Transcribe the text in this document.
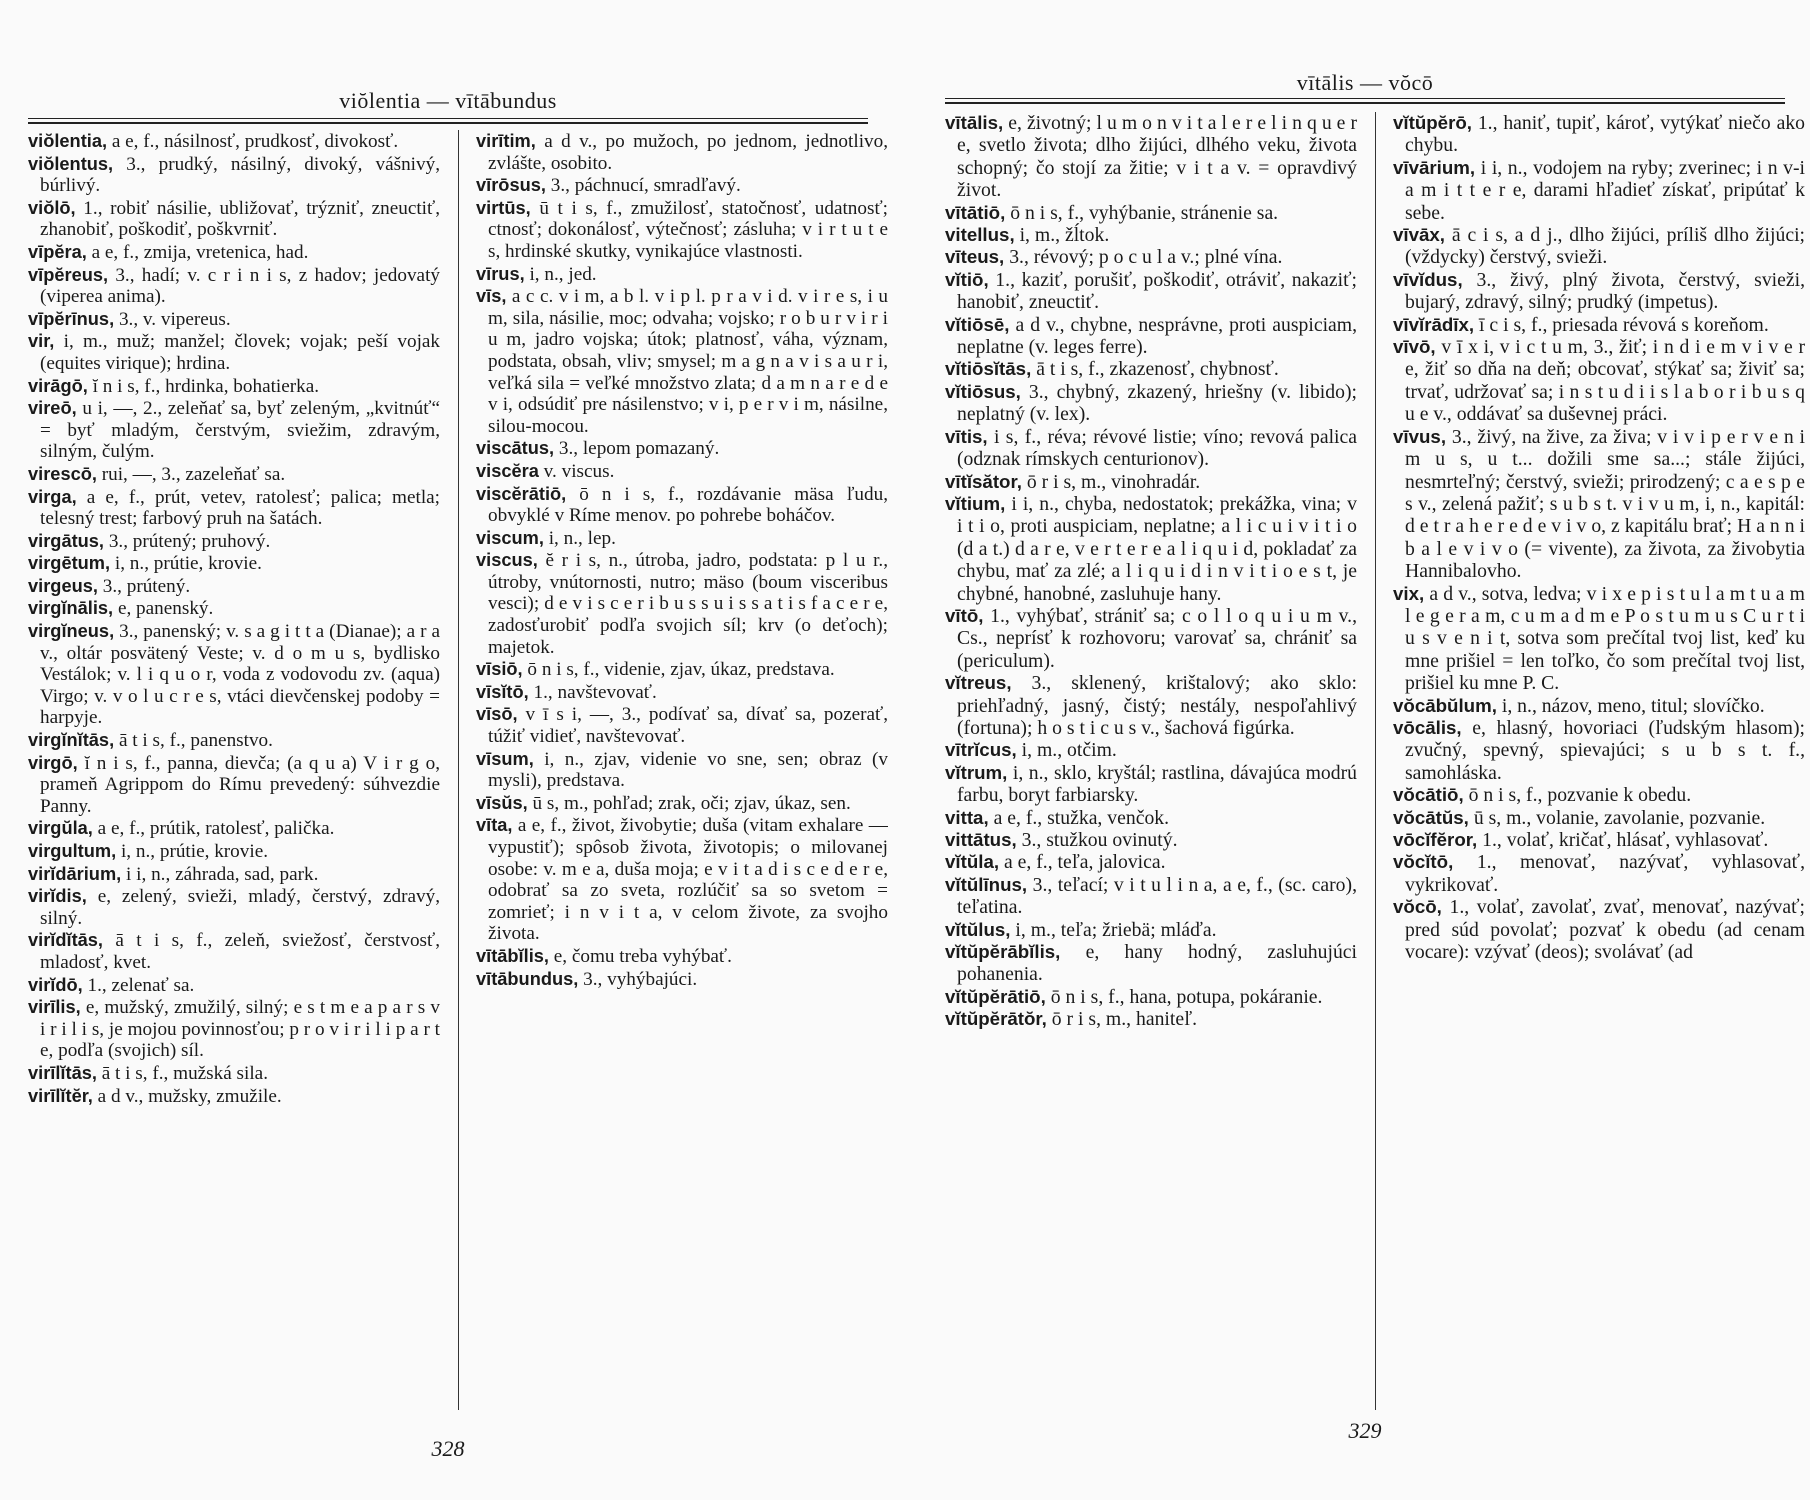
viŏlentia — vītābundus

viŏlentia, a e, f., násilnosť, prudkosť, divokosť.

viŏlentus, 3., prudký, násilný, divoký, vášnivý, búrlivý.

viŏlō, 1., robiť násilie, ubližovať, trýzniť, zneuctiť, zhanobiť, poškodiť, poškvrniť.

vīpĕra, a e, f., zmija, vretenica, had.

vīpĕreus, 3., hadí; v. c r i n i s, z hadov; jedovatý (viperea anima).

vīpĕrīnus, 3., v. vipereus.

vir, i, m., muž; manžel; človek; vojak; peší vojak (equites virique); hrdina.

virāgō, ĭ n i s, f., hrdinka, bohatierka.

vireō, u i, —, 2., zeleňať sa, byť zeleným, „kvitnúť“ = byť mladým, čerstvým, sviežim, zdravým, silným, čulým.

virescō, rui, —, 3., zazeleňať sa.

virga, a e, f., prút, vetev, ratolesť; palica; metla; telesný trest; farbový pruh na šatách.

virgātus, 3., prútený; pruhový.

virgētum, i, n., prútie, krovie.

virgeus, 3., prútený.

virgĭnālis, e, panenský.

virgĭneus, 3., panenský; v. s a g i t t a (Dianae); a r a v., oltár posvätený Veste; v. d o m u s, bydlisko Vestálok; v. l i q u o r, voda z vodovodu zv. (aqua) Virgo; v. v o l u c r e s, vtáci dievčenskej podoby = harpyje.

virgĭnĭtās, ā t i s, f., panenstvo.

virgō, ĭ n i s, f., panna, dievča; (a q u a) V i r g o, prameň Agrippom do Rímu prevedený: súhvezdie Panny.

virgŭla, a e, f., prútik, ratolesť, palička.

virgultum, i, n., prútie, krovie.

virĭdārium, i i, n., záhrada, sad, park.

virĭdis, e, zelený, svieži, mladý, čerstvý, zdravý, silný.

virĭdĭtās, ā t i s, f., zeleň, sviežosť, čerstvosť, mladosť, kvet.

virĭdō, 1., zelenať sa.

virīlis, e, mužský, zmužilý, silný; e s t m e a p a r s v i r i l i s, je mojou povinnosťou; p r o v i r i l i p a r t e, podľa (svojich) síl.

virīlĭtās, ā t i s, f., mužská sila.

virīlĭtĕr, a d v., mužsky, zmužile.

virītim, a d v., po mužoch, po jednom, jednotlivo, zvlášte, osobito.

vīrōsus, 3., páchnucí, smradľavý.

virtūs, ū t i s, f., zmužilosť, statočnosť, udatnosť; ctnosť; dokonálosť, výtečnosť; zásluha; v i r t u t e s, hrdinské skutky, vynikajúce vlastnosti.

vīrus, i, n., jed.

vīs, a c c. v i m, a b l. v i p l. p r a v i d. v i r e s, i u m, sila, násilie, moc; odvaha; vojsko; r o b u r v i r i u m, jadro vojska; útok; platnosť, váha, význam, podstata, obsah, vliv; smysel; m a g n a v i s a u r i, veľká sila = veľké množstvo zlata; d a m n a r e d e v i, odsúdiť pre násilenstvo; v i, p e r v i m, násilne, silou-mocou.

viscātus, 3., lepom pomazaný.

viscĕra v. viscus.

viscĕrātiō, ō n i s, f., rozdávanie mäsa ľudu, obvyklé v Ríme menov. po pohrebe boháčov.

viscum, i, n., lep.

viscus, ĕ r i s, n., útroba, jadro, podstata: p l u r., útroby, vnútornosti, nutro; mäso (boum visceribus vesci); d e v i s c e r i b u s s u i s s a t i s f a c e r e, zadosťurobiť podľa svojich síl; krv (o deťoch); majetok.

vīsiō, ō n i s, f., videnie, zjav, úkaz, predstava.

vīsĭtō, 1., navštevovať.

vīsō, v ī s i, —, 3., podívať sa, dívať sa, pozerať, túžiť vidieť, navštevovať.

vīsum, i, n., zjav, videnie vo sne, sen; obraz (v mysli), predstava.

vīsŭs, ū s, m., pohľad; zrak, oči; zjav, úkaz, sen.

vīta, a e, f., život, živobytie; duša (vitam exhalare — vypustiť); spôsob života, životopis; o milovanej osobe: v. m e a, duša moja; e v i t a d i s c e d e r e, odobrať sa zo sveta, rozlúčiť sa so svetom = zomrieť; i n v i t a, v celom živote, za svojho života.

vītābĭlis, e, čomu treba vyhýbať.

vītābundus, 3., vyhýbajúci.

328
vītālis — vŏcō

vītālis, e, životný; l u m o n v i t a l e r e l i n q u e r e, svetlo života; dlho žijúci, dlhého veku, života schopný; čo stojí za žitie; v i t a v. = opravdivý život.

vītātiō, ō n i s, f., vyhýbanie, stránenie sa.

vitellus, i, m., žĺtok.

vīteus, 3., révový; p o c u l a v.; plné vína.

vĭtiō, 1., kaziť, porušiť, poškodiť, otráviť, nakaziť; hanobiť, zneuctiť.

vĭtiōsē, a d v., chybne, nesprávne, proti auspiciam, neplatne (v. leges ferre).

vĭtiōsĭtās, ā t i s, f., zkazenosť, chybnosť.

vĭtiōsus, 3., chybný, zkazený, hriešny (v. libido); neplatný (v. lex).

vītis, i s, f., réva; révové listie; víno; revová palica (odznak rímskych centurionov).

vītĭsător, ō r i s, m., vinohradár.

vĭtium, i i, n., chyba, nedostatok; prekážka, vina; v i t i o, proti auspiciam, neplatne; a l i c u i v i t i o (d a t.) d a r e, v e r t e r e a l i q u i d, pokladať za chybu, mať za zlé; a l i q u i d i n v i t i o e s t, je chybné, hanobné, zasluhuje hany.

vītō, 1., vyhýbať, strániť sa; c o l l o q u i u m v., Cs., neprísť k rozhovoru; varovať sa, chrániť sa (periculum).

vĭtreus, 3., sklenený, krištalový; ako sklo: priehľadný, jasný, čistý; nestály, nespoľahlivý (fortuna); h o s t i c u s v., šachová figúrka.

vītrĭcus, i, m., otčim.

vĭtrum, i, n., sklo, kryštál; rastlina, dávajúca modrú farbu, boryt farbiarsky.

vitta, a e, f., stužka, venčok.

vittātus, 3., stužkou ovinutý.

vĭtŭla, a e, f., teľa, jalovica.

vĭtŭlīnus, 3., teľací; v i t u l i n a, a e, f., (sc. caro), teľatina.

vĭtŭlus, i, m., teľa; žriebä; mláďa.

vĭtŭpĕrābĭlis, e, hany hodný, zasluhujúci pohanenia.

vĭtŭpĕrātiō, ō n i s, f., hana, potupa, pokáranie.

vĭtŭpĕrātŏr, ō r i s, m., haniteľ.

vĭtŭpĕrō, 1., haniť, tupiť, károť, vytýkať niečo ako chybu.

vīvārium, i i, n., vodojem na ryby; zverinec; i n v-i a m i t t e r e, darami hľadieť získať, pripútať k sebe.

vīvāx, ā c i s, a d j., dlho žijúci, príliš dlho žijúci; (vždycky) čerstvý, svieži.

vīvĭdus, 3., živý, plný života, čerstvý, svieži, bujarý, zdravý, silný; prudký (impetus).

vīvĭrādīx, ī c i s, f., priesada révová s koreňom.

vīvō, v ī x i, v i c t u m, 3., žiť; i n d i e m v i v e r e, žiť so dňa na deň; obcovať, stýkať sa; živiť sa; trvať, udržovať sa; i n s t u d i i s l a b o r i b u s q u e v., oddávať sa duševnej práci.

vīvus, 3., živý, na žive, za živa; v i v i p e r v e n i m u s, u t... dožili sme sa...; stále žijúci, nesmrteľný; čerstvý, svieži; prirodzený; c a e s p e s v., zelená pažiť; s u b s t. v i v u m, i, n., kapitál: d e t r a h e r e d e v i v o, z kapitálu brať; H a n n i b a l e v i v o (= vivente), za života, za živobytia Hannibalovho.

vix, a d v., sotva, ledva; v i x e p i s t u l a m t u a m l e g e r a m, c u m a d m e P o s t u m u s C u r t i u s v e n i t, sotva som prečítal tvoj list, keď ku mne prišiel = len toľko, čo som prečítal tvoj list, prišiel ku mne P. C.

vŏcābŭlum, i, n., názov, meno, titul; slovíčko.

vōcālis, e, hlasný, hovoriaci (ľudským hlasom); zvučný, spevný, spievajúci; s u b s t. f., samohláska.

vŏcātiō, ō n i s, f., pozvanie k obedu.

vŏcātŭs, ū s, m., volanie, zavolanie, pozvanie.

vōcĭfĕror, 1., volať, kričať, hlásať, vyhlasovať.

vŏcĭtō, 1., menovať, nazývať, vyhlasovať, vykrikovať.

vŏcō, 1., volať, zavolať, zvať, menovať, nazývať; pred súd povolať; pozvať k obedu (ad cenam vocare): vzývať (deos); svolávať (ad

329
